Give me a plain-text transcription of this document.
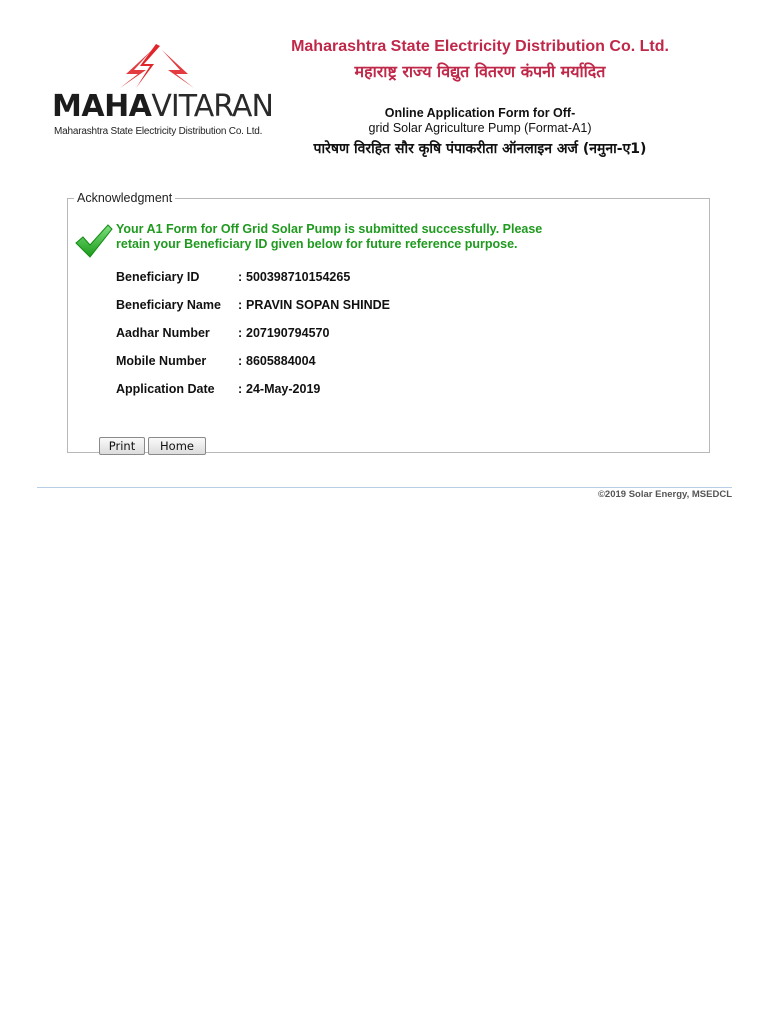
MAHAVITARAN
Maharashtra State Electricity Distribution Co. Ltd.
Maharashtra State Electricity Distribution Co. Ltd.
महाराष्ट्र राज्य विद्युत वितरण कंपनी मर्यादित
Online Application Form for Off-
grid Solar Agriculture Pump (Format-A1)
पारेषण विरहित सौर कृषि पंपाकरीता ऑनलाइन अर्ज (नमुना-ए1)
Acknowledgment
Your A1 Form for Off Grid Solar Pump is submitted successfully. Please
retain your Beneficiary ID given below for future reference purpose.
Beneficiary ID	: 500398710154265
Beneficiary Name : PRAVIN SOPAN SHINDE
Aadhar Number : 207190794570
Mobile Number	: 8605884004
Application Date : 24-May-2019
Print	Home
©2019 Solar Energy, MSEDCL
